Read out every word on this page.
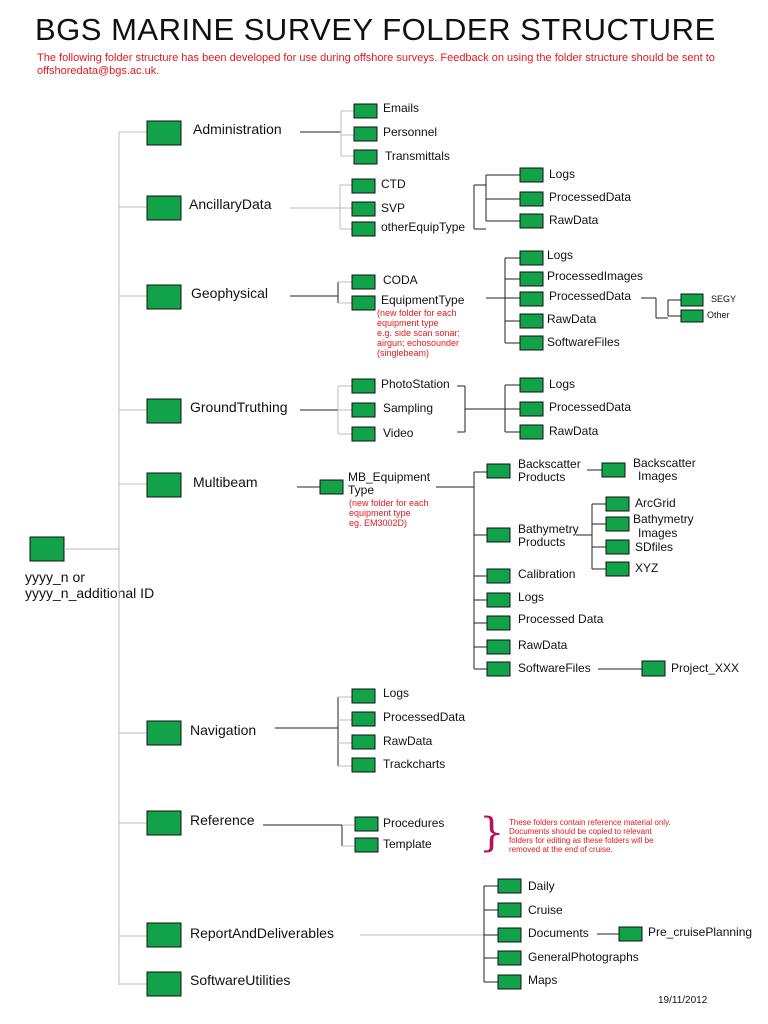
BGS MARINE SURVEY FOLDER STRUCTURE
The following folder structure has been developed for use during offshore surveys. Feedback on using the folder structure should be sent to offshoredata@bgs.ac.uk.
yyyy_n or
yyyy_n_additional ID
Administration
AncillaryData
Geophysical
GroundTruthing
Multibeam
Navigation
Reference
ReportAndDeliverables
SoftwareUtilities
Emails
Personnel
Transmittals
CTD
SVP
otherEquipType
Logs
ProcessedData
RawData
CODA
EquipmentType
(new folder for each
equipment type
e.g. side scan sonar;
airgun; echosounder
(singlebeam)
Logs
ProcessedImages
ProcessedData
RawData
SoftwareFiles
SEGY
Other
PhotoStation
Sampling
Video
Logs
ProcessedData
RawData
MB_Equipment
Type
(new folder for each
equipment type
eg. EM3002D)
Backscatter
Products
Backscatter
Images
Bathymetry
Products
ArcGrid
Bathymetry
Images
SDfiles
XYZ
Calibration
Logs
Processed Data
RawData
SoftwareFiles	Project_XXX
Logs
ProcessedData
RawData
Trackcharts
Procedures
Template } These folders contain reference material only.
Documents should be copied to relevant
folders for editing as these folders will be
removed at the end of cruise.
Daily
Cruise
Documents	Pre_cruisePlanning
GeneralPhotographs
Maps
19/11/2012
